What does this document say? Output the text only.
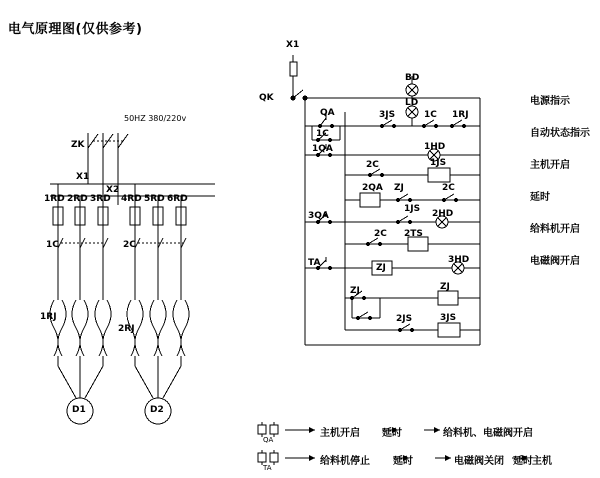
电气原理图(仅供参考)
50HZ 380/220v
ZK
X1
X2
1RD 2RD 3RD 4RD 5RD 6RD
1C	2C
1RJ
2RJ
D1	D2
X1
QK
BD
LD
1HD
2HD
3HD
QA
1C
3JS	1C 1RJ
1QA
2C	1JS
2QA ZJ
1JS
2C
3QA
2C 2TS
ZJ
TA
ZJ	ZJ
2JS	3JS
电源指示
自动状态指示
主机开启
延时
给料机开启
电磁阀开启
QA
主机开启 延时	给料机、电磁阀开启
TA
给料机停止 延时	电磁阀关闭 延时 主机
